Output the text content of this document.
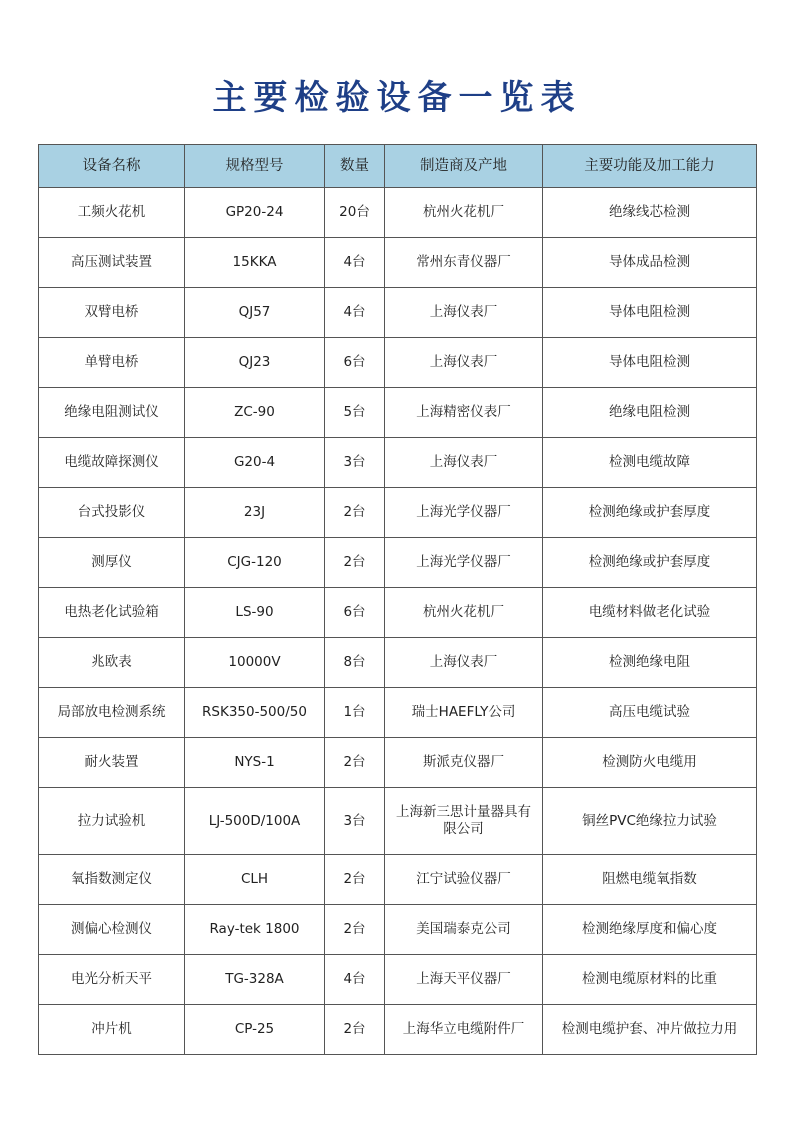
主要检验设备一览表
设备名称	规格型号	数量	制造商及产地	主要功能及加工能力
工频火花机	GP20-24	20台	杭州火花机厂	绝缘线芯检测
高压测试装置	15KKA	4台	常州东青仪器厂	导体成品检测
双臂电桥	QJ57	4台	上海仪表厂	导体电阻检测
单臂电桥	QJ23	6台	上海仪表厂	导体电阻检测
绝缘电阻测试仪	ZC-90	5台	上海精密仪表厂	绝缘电阻检测
电缆故障探测仪	G20-4	3台	上海仪表厂	检测电缆故障
台式投影仪	23J	2台	上海光学仪器厂	检测绝缘或护套厚度
测厚仪	CJG-120	2台	上海光学仪器厂	检测绝缘或护套厚度
电热老化试验箱	LS-90	6台	杭州火花机厂	电缆材料做老化试验
兆欧表	10000V	8台	上海仪表厂	检测绝缘电阻
局部放电检测系统	RSK350-500/50	1台	瑞士HAEFLY公司	高压电缆试验
耐火装置	NYS-1	2台	斯派克仪器厂	检测防火电缆用
拉力试验机	LJ-500D/100A	3台	上海新三思计量器具有限公司	铜丝PVC绝缘拉力试验
氧指数测定仪	CLH	2台	江宁试验仪器厂	阻燃电缆氧指数
测偏心检测仪	Ray-tek 1800	2台	美国瑞泰克公司	检测绝缘厚度和偏心度
电光分析天平	TG-328A	4台	上海天平仪器厂	检测电缆原材料的比重
冲片机	CP-25	2台	上海华立电缆附件厂	检测电缆护套、冲片做拉力用
